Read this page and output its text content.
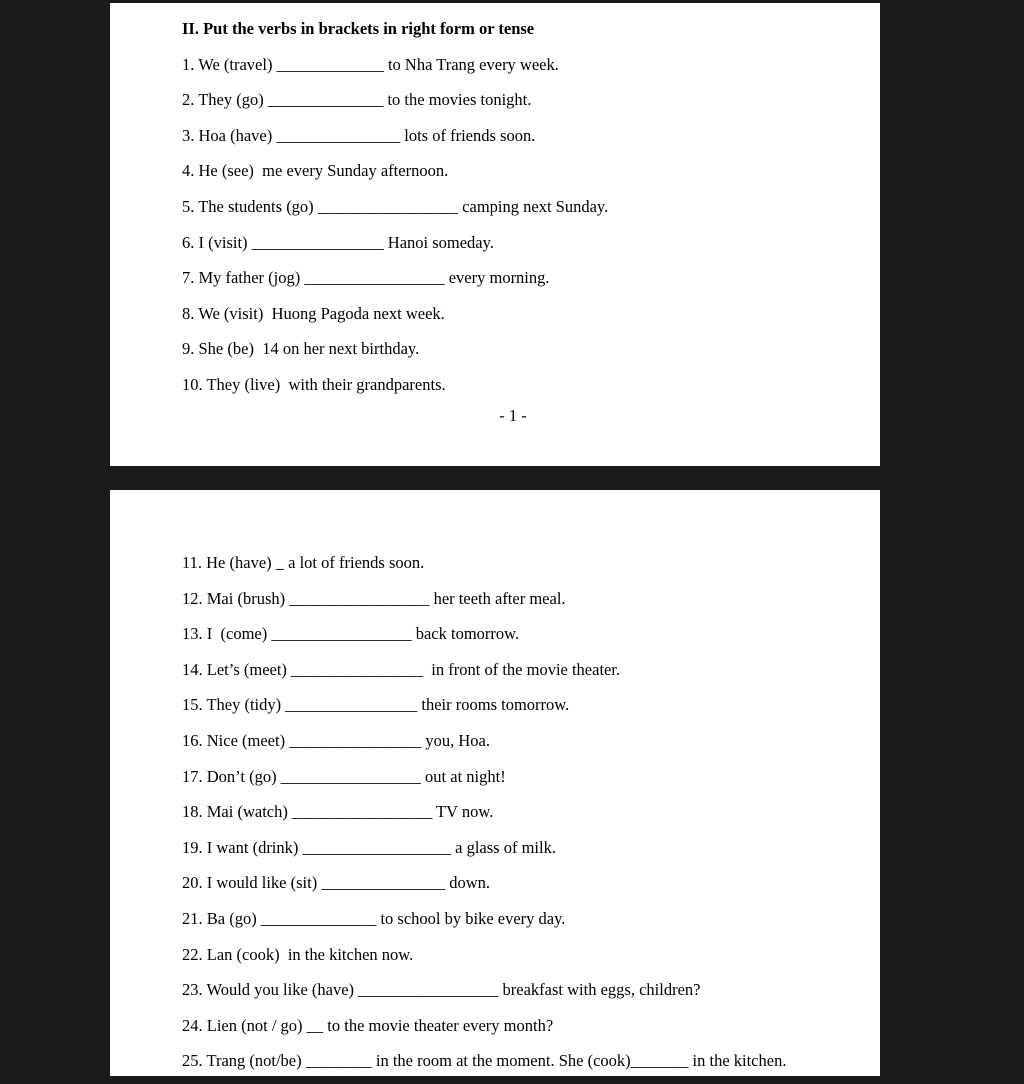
II. Put the verbs in brackets in right form or tense
1. We (travel) _____________ to Nha Trang every week.
2. They (go) ______________ to the movies tonight.
3. Hoa (have) _______________ lots of friends soon.
4. He (see)  me every Sunday afternoon.
5. The students (go) _________________ camping next Sunday.
6. I (visit) ________________ Hanoi someday.
7. My father (jog) _________________ every morning.
8. We (visit)  Huong Pagoda next week.
9. She (be)  14 on her next birthday.
10. They (live)  with their grandparents.
- 1 -
11. He (have) _ a lot of friends soon.
12. Mai (brush) _________________ her teeth after meal.
13. I  (come) _________________ back tomorrow.
14. Let’s (meet) ________________  in front of the movie theater.
15. They (tidy) ________________ their rooms tomorrow.
16. Nice (meet) ________________ you, Hoa.
17. Don’t (go) _________________ out at night!
18. Mai (watch) _________________ TV now.
19. I want (drink) __________________ a glass of milk.
20. I would like (sit) _______________ down.
21. Ba (go) ______________ to school by bike every day.
22. Lan (cook)  in the kitchen now.
23. Would you like (have) _________________ breakfast with eggs, children?
24. Lien (not / go) __ to the movie theater every month?
25. Trang (not/be) ________ in the room at the moment. She (cook)_______ in the kitchen.
